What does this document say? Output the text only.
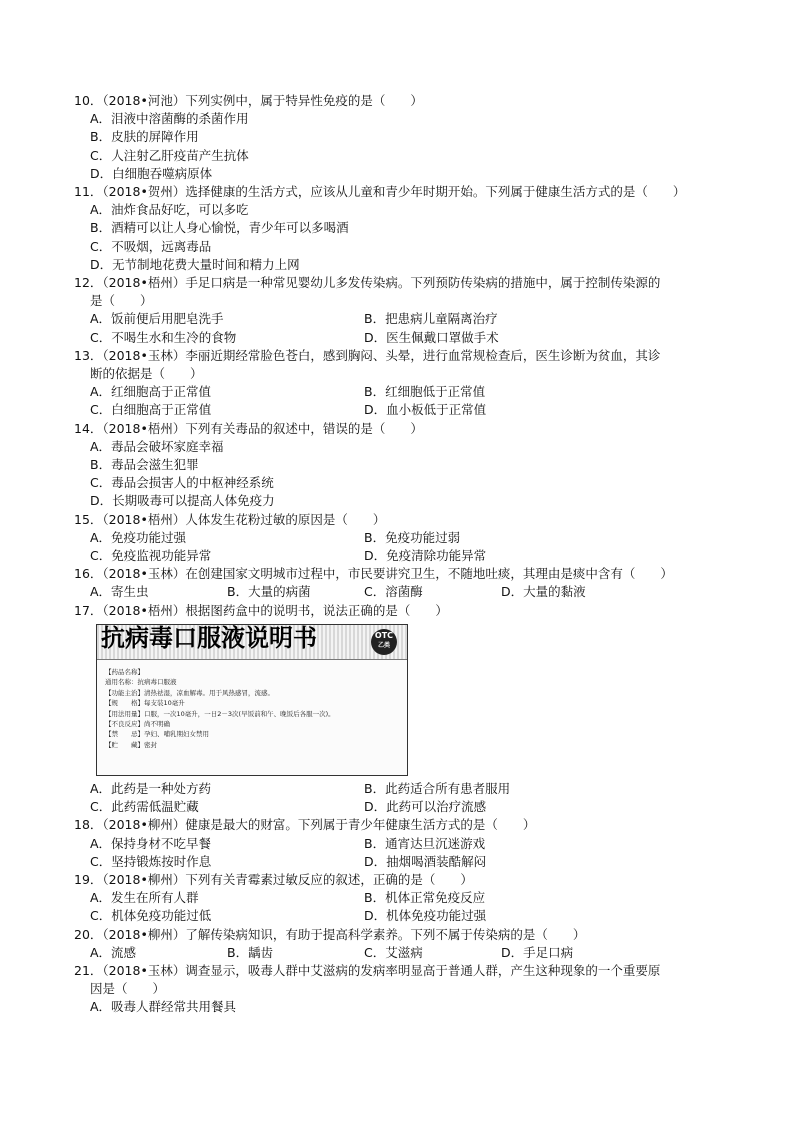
10．（2018•河池）下列实例中，属于特异性免疫的是（　　）
A．泪液中溶菌酶的杀菌作用
B．皮肤的屏障作用
C．人注射乙肝疫苗产生抗体
D．白细胞吞噬病原体
11．（2018•贺州）选择健康的生活方式，应该从儿童和青少年时期开始。下列属于健康生活方式的是（　　）
A．油炸食品好吃，可以多吃
B．酒精可以让人身心愉悦，青少年可以多喝酒
C．不吸烟，远离毒品
D．无节制地花费大量时间和精力上网
12．（2018•梧州）手足口病是一种常见婴幼儿多发传染病。下列预防传染病的措施中，属于控制传染源的
是（　　）
A．饭前便后用肥皂洗手	B．把患病儿童隔离治疗
C．不喝生水和生冷的食物	D．医生佩戴口罩做手术
13．（2018•玉林）李丽近期经常脸色苍白，感到胸闷、头晕，进行血常规检查后，医生诊断为贫血，其诊
断的依据是（　　）
A．红细胞高于正常值	B．红细胞低于正常值
C．白细胞高于正常值	D．血小板低于正常值
14．（2018•梧州）下列有关毒品的叙述中，错误的是（　　）
A．毒品会破坏家庭幸福
B．毒品会滋生犯罪
C．毒品会损害人的中枢神经系统
D．长期吸毒可以提高人体免疫力
15．（2018•梧州）人体发生花粉过敏的原因是（　　）
A．免疫功能过强	B．免疫功能过弱
C．免疫监视功能异常	D．免疫清除功能异常
16．（2018•玉林）在创建国家文明城市过程中，市民要讲究卫生，不随地吐痰，其理由是痰中含有（　　）
A．寄生虫	B．大量的病菌	C．溶菌酶	D．大量的黏液
17．（2018•梧州）根据图药盒中的说明书，说法正确的是（　　）
抗病毒口服液说明书	OTC
乙类
【药品名称】
通用名称：抗病毒口服液
【功能主治】清热祛湿，凉血解毒。用于风热感冒，流感。
【规　　格】每支装10毫升
【用法用量】口服，一次10毫升，一日2－3次(早饭前和午、晚饭后各服一次)。
【不良反应】尚不明确
【禁　　忌】孕妇、哺乳期妇女禁用
【贮　　藏】密封
A．此药是一种处方药	B．此药适合所有患者服用
C．此药需低温贮藏	D．此药可以治疗流感
18．（2018•柳州）健康是最大的财富。下列属于青少年健康生活方式的是（　　）
A．保持身材不吃早餐	B．通宵达旦沉迷游戏
C．坚持锻炼按时作息	D．抽烟喝酒装酷解闷
19．（2018•柳州）下列有关青霉素过敏反应的叙述，正确的是（　　）
A．发生在所有人群	B．机体正常免疫反应
C．机体免疫功能过低	D．机体免疫功能过强
20．（2018•柳州）了解传染病知识，有助于提高科学素养。下列不属于传染病的是（　　）
A．流感	B．龋齿	C．艾滋病	D．手足口病
21．（2018•玉林）调查显示，吸毒人群中艾滋病的发病率明显高于普通人群，产生这种现象的一个重要原
因是（　　）
A．吸毒人群经常共用餐具
